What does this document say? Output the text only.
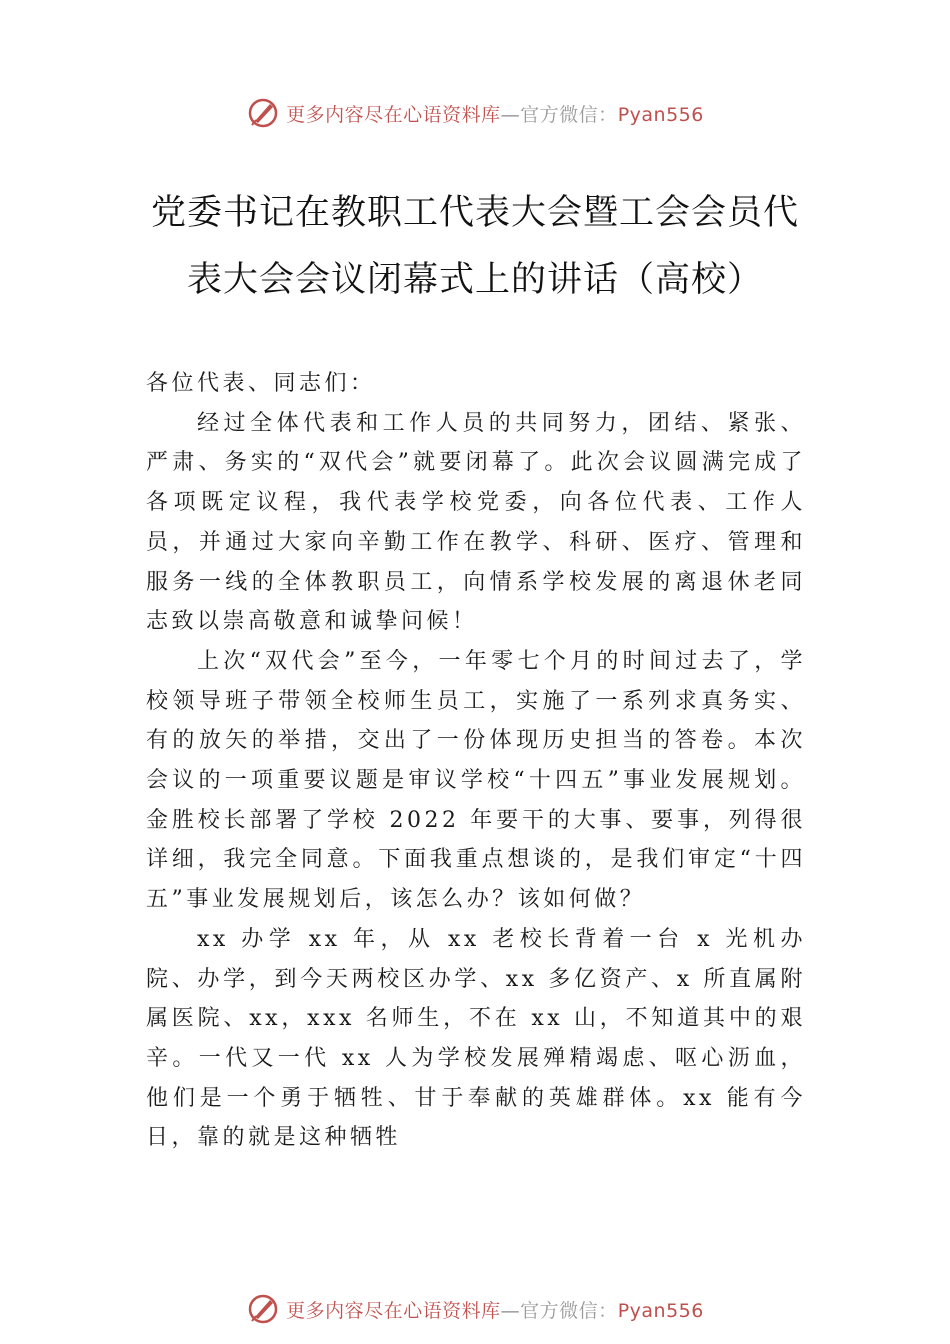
更多内容尽在心语资料库—官方微信：Pyan556
党委书记在教职工代表大会暨工会会员代
表大会会议闭幕式上的讲话（高校）

各位代表、同志们：

经过全体代表和工作人员的共同努力，团结、紧张、严肃、务实的“双代会”就要闭幕了。此次会议圆满完成了各项既定议程，我代表学校党委，向各位代表、工作人员，并通过大家向辛勤工作在教学、科研、医疗、管理和服务一线的全体教职员工，向情系学校发展的离退休老同志致以崇高敬意和诚挚问候！

上次“双代会”至今，一年零七个月的时间过去了，学校领导班子带领全校师生员工，实施了一系列求真务实、有的放矢的举措，交出了一份体现历史担当的答卷。本次会议的一项重要议题是审议学校“十四五”事业发展规划。金胜校长部署了学校 2022 年要干的大事、要事，列得很详细，我完全同意。下面我重点想谈的，是我们审定“十四五”事业发展规划后，该怎么办？该如何做？

xx 办学 xx 年，从 xx 老校长背着一台 x 光机办院、办学，到今天两校区办学、xx 多亿资产、x 所直属附属医院、xx，xxx 名师生，不在 xx 山，不知道其中的艰辛。一代又一代 xx 人为学校发展殚精竭虑、呕心沥血，他们是一个勇于牺牲、甘于奉献的英雄群体。xx 能有今日，靠的就是这种牺牲

更多内容尽在心语资料库—官方微信：Pyan556
